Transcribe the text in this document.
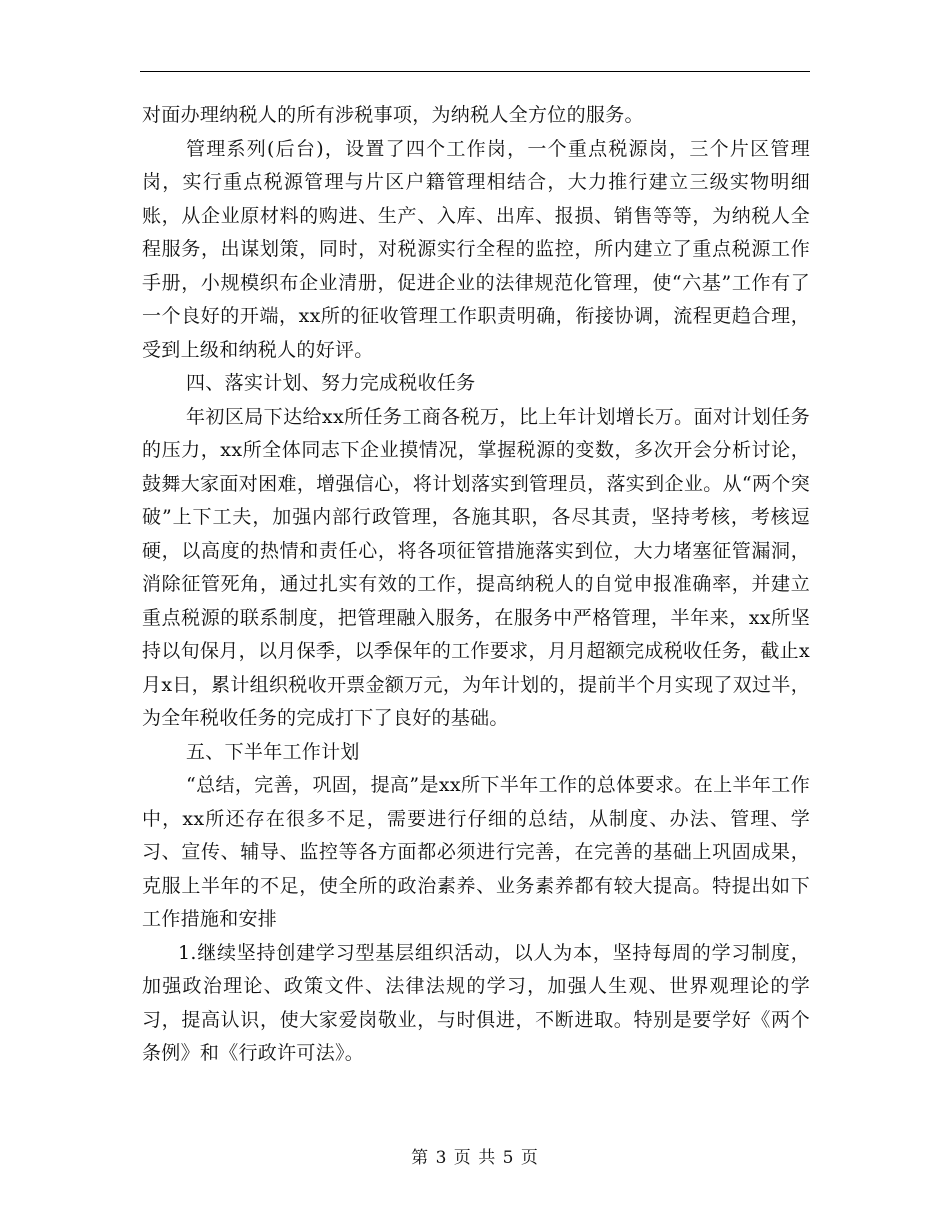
对面办理纳税人的所有涉税事项，为纳税人全方位的服务。

管理系列(后台)，设置了四个工作岗，一个重点税源岗，三个片区管理岗，实行重点税源管理与片区户籍管理相结合，大力推行建立三级实物明细账，从企业原材料的购进、生产、入库、出库、报损、销售等等，为纳税人全程服务，出谋划策，同时，对税源实行全程的监控，所内建立了重点税源工作手册，小规模织布企业清册，促进企业的法律规范化管理，使“六基”工作有了一个良好的开端，xx所的征收管理工作职责明确，衔接协调，流程更趋合理，受到上级和纳税人的好评。

四、落实计划、努力完成税收任务

年初区局下达给xx所任务工商各税万，比上年计划增长万。面对计划任务的压力，xx所全体同志下企业摸情况，掌握税源的变数，多次开会分析讨论，鼓舞大家面对困难，增强信心，将计划落实到管理员，落实到企业。从“两个突破”上下工夫，加强内部行政管理，各施其职，各尽其责，坚持考核，考核逗硬，以高度的热情和责任心，将各项征管措施落实到位，大力堵塞征管漏洞，消除征管死角，通过扎实有效的工作，提高纳税人的自觉申报准确率，并建立重点税源的联系制度，把管理融入服务，在服务中严格管理，半年来，xx所坚持以旬保月，以月保季，以季保年的工作要求，月月超额完成税收任务，截止x月x日，累计组织税收开票金额万元，为年计划的，提前半个月实现了双过半，为全年税收任务的完成打下了良好的基础。

五、下半年工作计划

“总结，完善，巩固，提高”是xx所下半年工作的总体要求。在上半年工作中，xx所还存在很多不足，需要进行仔细的总结，从制度、办法、管理、学习、宣传、辅导、监控等各方面都必须进行完善，在完善的基础上巩固成果，克服上半年的不足，使全所的政治素养、业务素养都有较大提高。特提出如下工作措施和安排

1.继续坚持创建学习型基层组织活动，以人为本，坚持每周的学习制度，加强政治理论、政策文件、法律法规的学习，加强人生观、世界观理论的学习，提高认识，使大家爱岗敬业，与时俱进，不断进取。特别是要学好《两个条例》和《行政许可法》。

第 3 页 共 5 页
